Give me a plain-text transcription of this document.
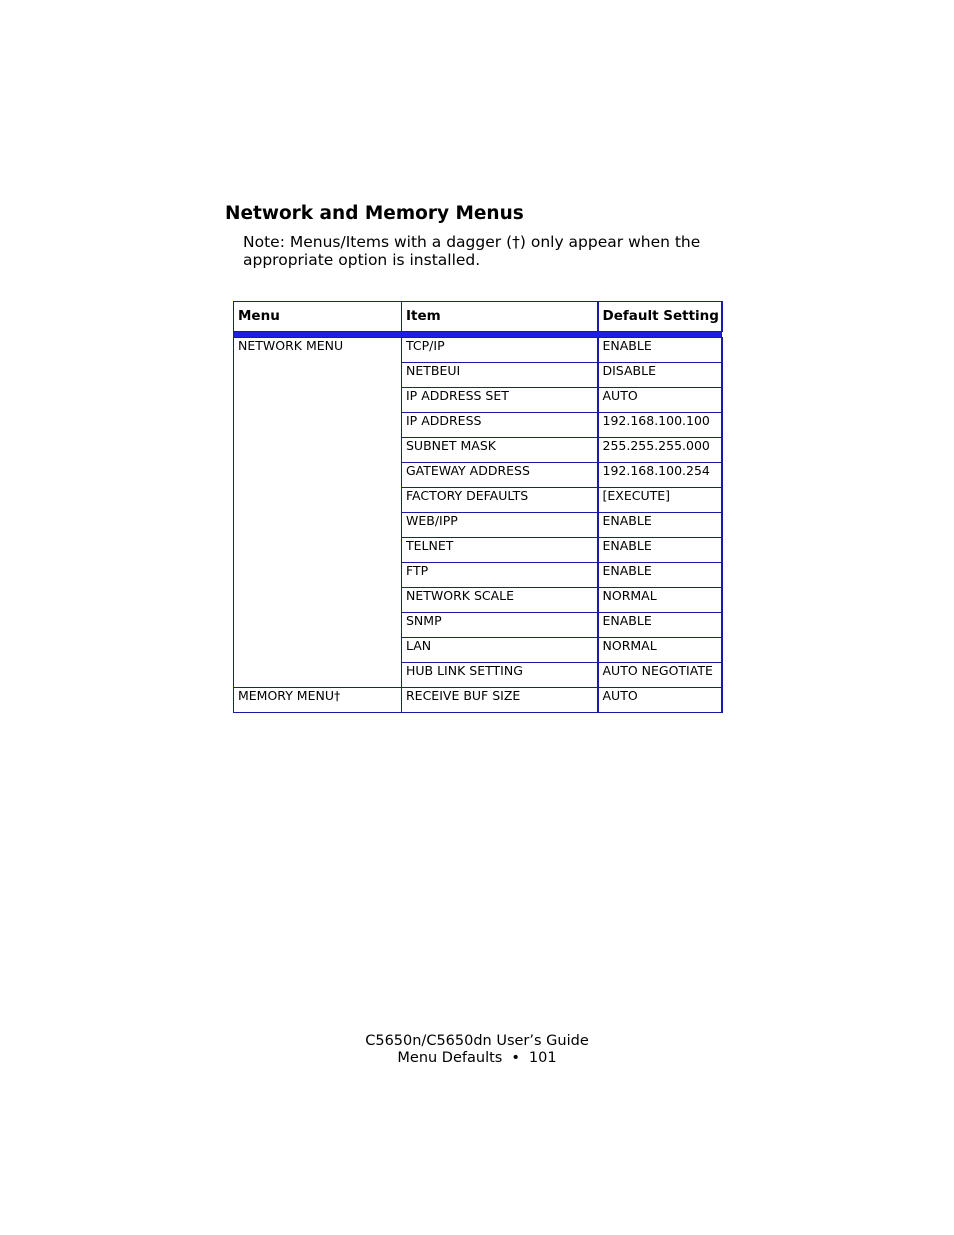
Network and Memory Menus

Note: Menus/Items with a dagger (†) only appear when the appropriate option is installed.

Menu	Item	Default Setting

NETWORK MENU	TCP/IP	ENABLE
	NETBEUI	DISABLE
	IP ADDRESS SET	AUTO
	IP ADDRESS	192.168.100.100
	SUBNET MASK	255.255.255.000
	GATEWAY ADDRESS	192.168.100.254
	FACTORY DEFAULTS	[EXECUTE]
	WEB/IPP	ENABLE
	TELNET	ENABLE
	FTP	ENABLE
	NETWORK SCALE	NORMAL
	SNMP	ENABLE
	LAN	NORMAL
	HUB LINK SETTING	AUTO NEGOTIATE
MEMORY MENU†	RECEIVE BUF SIZE	AUTO
C5650n/C5650dn User’s Guide
Menu Defaults • 101
